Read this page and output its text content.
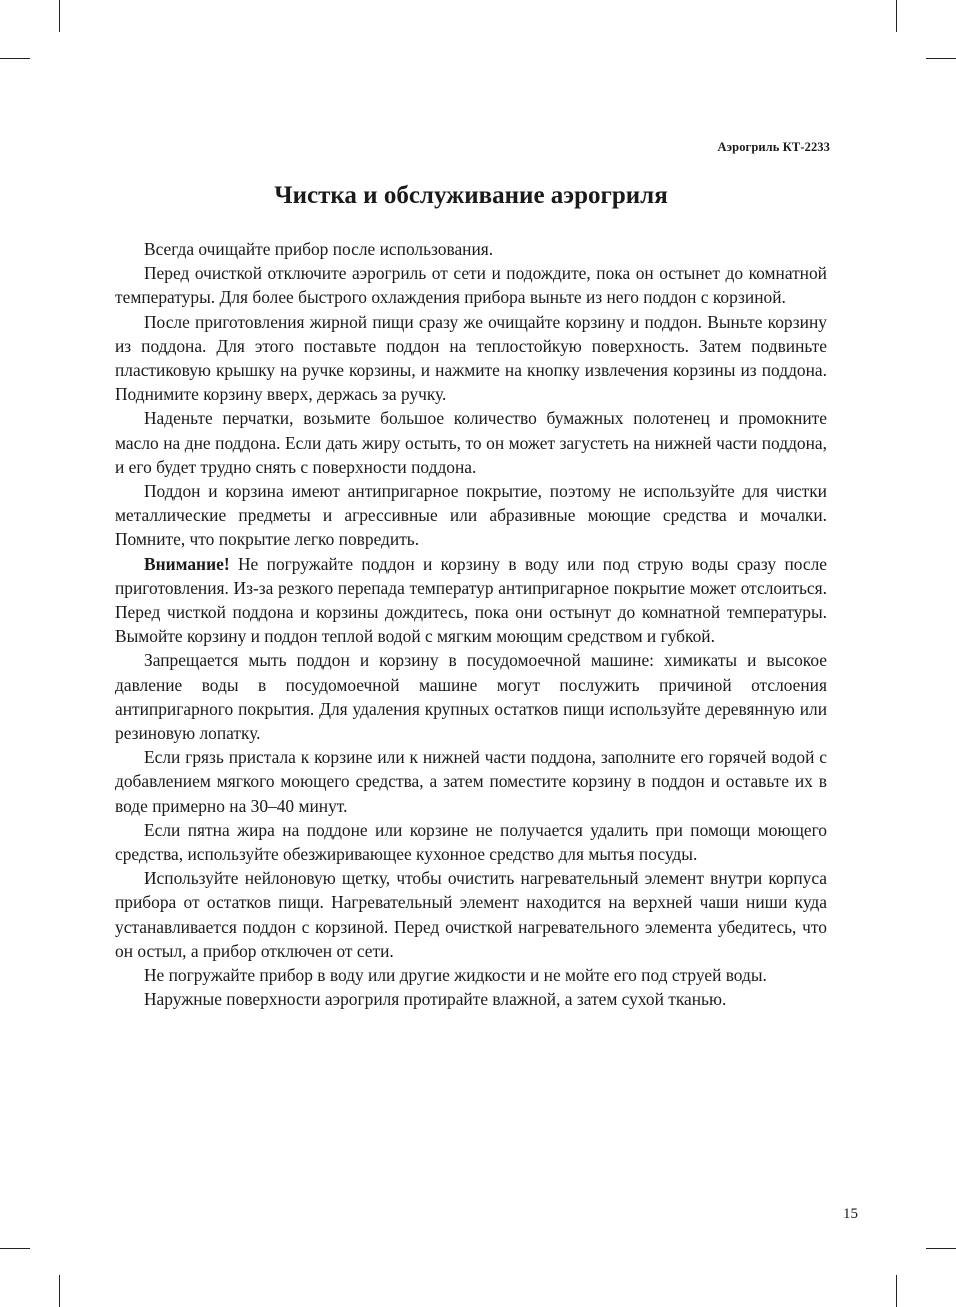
Аэрогриль КТ-2233
Чистка и обслуживание аэрогриля

Всегда очищайте прибор после использования.

Перед очисткой отключите аэрогриль от сети и подождите, пока он остынет до комнатной температуры. Для более быстрого охлаждения прибора выньте из него поддон с корзиной.

После приготовления жирной пищи сразу же очищайте корзину и поддон. Выньте корзину из поддона. Для этого поставьте поддон на теплостойкую поверхность. Затем подвиньте пластиковую крышку на ручке корзины, и нажмите на кнопку извлечения корзины из поддона. Поднимите корзину вверх, держась за ручку.

Наденьте перчатки, возьмите большое количество бумажных полотенец и промокните масло на дне поддона. Если дать жиру остыть, то он может загустеть на нижней части поддона, и его будет трудно снять с поверхности поддона.

Поддон и корзина имеют антипригарное покрытие, поэтому не используйте для чистки металлические предметы и агрессивные или абразивные моющие средства и мочалки. Помните, что покрытие легко повредить.

Внимание! Не погружайте поддон и корзину в воду или под струю воды сразу после приготовления. Из-за резкого перепада температур антипригарное покрытие может отслоиться. Перед чисткой поддона и корзины дождитесь, пока они остынут до комнатной температуры. Вымойте корзину и поддон теплой водой с мягким моющим средством и губкой.

Запрещается мыть поддон и корзину в посудомоечной машине: химикаты и высокое давление воды в посудомоечной машине могут послужить причиной отслоения антипригарного покрытия. Для удаления крупных остатков пищи используйте деревянную или резиновую лопатку.

Если грязь пристала к корзине или к нижней части поддона, заполните его горячей водой с добавлением мягкого моющего средства, а затем поместите корзину в поддон и оставьте их в воде примерно на 30–40 минут.

Если пятна жира на поддоне или корзине не получается удалить при помощи моющего средства, используйте обезжиривающее кухонное средство для мытья посуды.

Используйте нейлоновую щетку, чтобы очистить нагревательный элемент внутри корпуса прибора от остатков пищи. Нагревательный элемент находится на верхней чаши ниши куда устанавливается поддон с корзиной. Перед очисткой нагревательного элемента убедитесь, что он остыл, а прибор отключен от сети.

Не погружайте прибор в воду или другие жидкости и не мойте его под струей воды.

Наружные поверхности аэрогриля протирайте влажной, а затем сухой тканью.

15
